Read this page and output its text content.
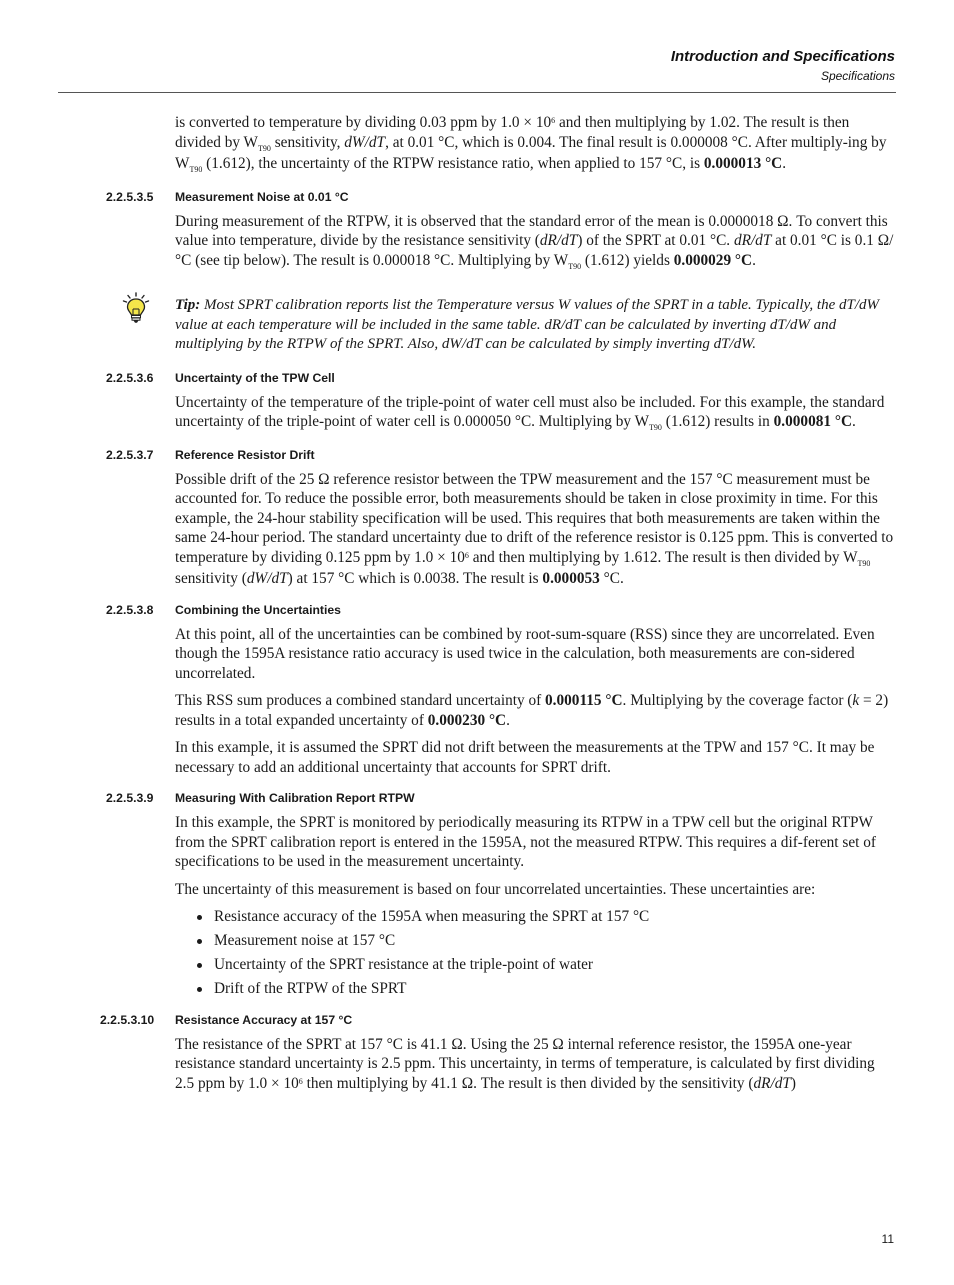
Introduction and Specifications
Specifications

is converted to temperature by dividing 0.03 ppm by $1.0 \times 10^6$ and then multiplying by 1.02. The result is then divided by $W_{T90}$ sensitivity, dW/dT, at 0.01 °C, which is 0.004. The final result is 0.000008 °C. After multiply-ing by $W_{T90}$ (1.612), the uncertainty of the RTPW resistance ratio, when applied to 157 °C, is 0.000013 °C.

2.2.5.3.5 Measurement Noise at 0.01 °C

During measurement of the RTPW, it is observed that the standard error of the mean is 0.0000018 Ω. To convert this value into temperature, divide by the resistance sensitivity (dR/dT) of the SPRT at 0.01 °C. dR/dT at 0.01 °C is 0.1 Ω/°C (see tip below). The result is 0.000018 °C. Multiplying by $W_{T90}$ (1.612) yields 0.000029 °C.

Tip: Most SPRT calibration reports list the Temperature versus W values of the SPRT in a table. Typically, the dT/dW value at each temperature will be included in the same table. dR/dT can be calculated by inverting dT/dW and multiplying by the RTPW of the SPRT. Also, dW/dT can be calculated by simply inverting dT/dW.
2.2.5.3.6 Uncertainty of the TPW Cell

Uncertainty of the temperature of the triple-point of water cell must also be included. For this example, the standard uncertainty of the triple-point of water cell is 0.000050 °C. Multiplying by $W_{T90}$ (1.612) results in 0.000081 °C.

2.2.5.3.7 Reference Resistor Drift

Possible drift of the 25 Ω reference resistor between the TPW measurement and the 157 °C measurement must be accounted for. To reduce the possible error, both measurements should be taken in close proximity in time. For this example, the 24-hour stability specification will be used. This requires that both measurements are taken within the same 24-hour period. The standard uncertainty due to drift of the reference resistor is 0.125 ppm. This is converted to temperature by dividing 0.125 ppm by $1.0 \times 10^6$ and then multiplying by 1.612. The result is then divided by $W_{T90}$ sensitivity (dW/dT) at 157 °C which is 0.0038. The result is 0.000053 °C.

2.2.5.3.8 Combining the Uncertainties

At this point, all of the uncertainties can be combined by root-sum-square (RSS) since they are uncorrelated. Even though the 1595A resistance ratio accuracy is used twice in the calculation, both measurements are con-sidered uncorrelated.

This RSS sum produces a combined standard uncertainty of 0.000115 °C. Multiplying by the coverage factor (k = 2) results in a total expanded uncertainty of 0.000230 °C.

In this example, it is assumed the SPRT did not drift between the measurements at the TPW and 157 °C. It may be necessary to add an additional uncertainty that accounts for SPRT drift.

2.2.5.3.9 Measuring With Calibration Report RTPW

In this example, the SPRT is monitored by periodically measuring its RTPW in a TPW cell but the original RTPW from the SPRT calibration report is entered in the 1595A, not the measured RTPW. This requires a dif-ferent set of specifications to be used in the measurement uncertainty.

The uncertainty of this measurement is based on four uncorrelated uncertainties. These uncertainties are:

Resistance accuracy of the 1595A when measuring the SPRT at 157 °C
Measurement noise at 157 °C
Uncertainty of the SPRT resistance at the triple-point of water
Drift of the RTPW of the SPRT
2.2.5.3.10 Resistance Accuracy at 157 °C

The resistance of the SPRT at 157 °C is 41.1 Ω. Using the 25 Ω internal reference resistor, the 1595A one-year resistance standard uncertainty is 2.5 ppm. This uncertainty, in terms of temperature, is calculated by first dividing 2.5 ppm by $1.0 \times 10^6$ then multiplying by 41.1 Ω. The result is then divided by the sensitivity (dR/dT)

11
